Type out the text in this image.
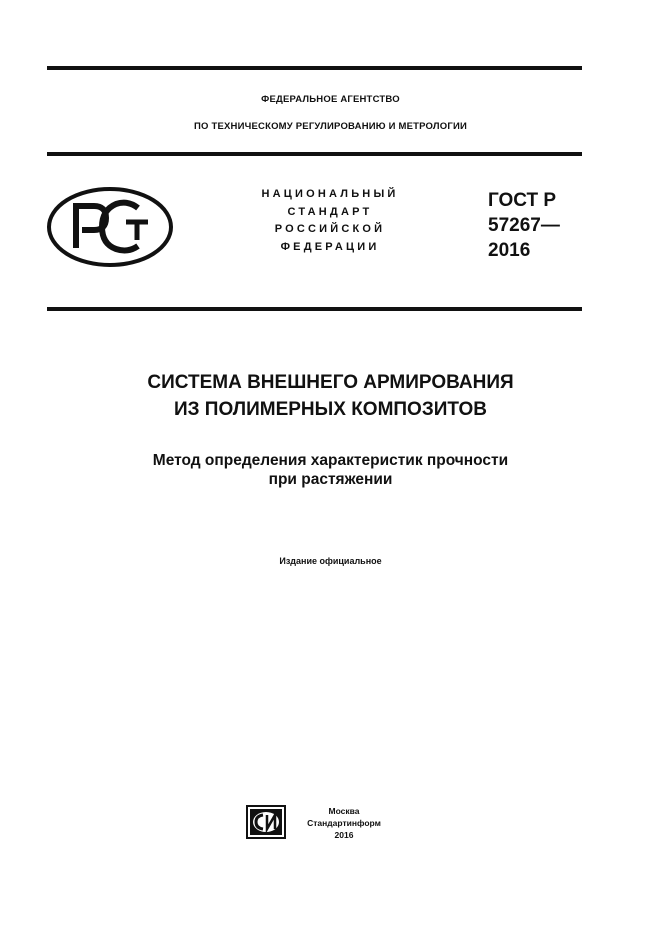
ФЕДЕРАЛЬНОЕ АГЕНТСТВО
ПО ТЕХНИЧЕСКОМУ РЕГУЛИРОВАНИЮ И МЕТРОЛОГИИ
НАЦИОНАЛЬНЫЙ
СТАНДАРТ
РОССИЙСКОЙ
ФЕДЕРАЦИИ
ГОСТ Р
57267—
2016
СИСТЕМА ВНЕШНЕГО АРМИРОВАНИЯ
ИЗ ПОЛИМЕРНЫХ КОМПОЗИТОВ
Метод определения характеристик прочности
при растяжении
Издание официальное
Москва
Стандартинформ
2016
